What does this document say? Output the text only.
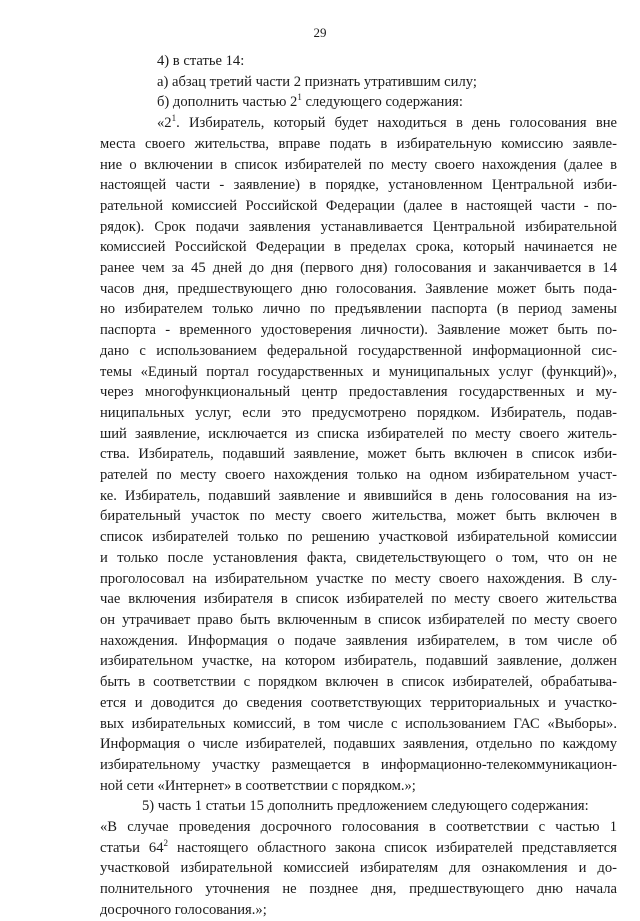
29
4) в статье 14:
а) абзац третий части 2 признать утратившим силу;
б) дополнить частью $2^1$ следующего содержания:
«$2^1$. Избиратель, который будет находиться в день голосования вне
места своего жительства, вправе подать в избирательную комиссию заявле-
ние о включении в список избирателей по месту своего нахождения (далее в
настоящей части - заявление) в порядке, установленном Центральной изби-
рательной комиссией Российской Федерации (далее в настоящей части - по-
рядок). Срок подачи заявления устанавливается Центральной избирательной
комиссией Российской Федерации в пределах срока, который начинается не
ранее чем за 45 дней до дня (первого дня) голосования и заканчивается в 14
часов дня, предшествующего дню голосования. Заявление может быть пода-
но избирателем только лично по предъявлении паспорта (в период замены
паспорта - временного удостоверения личности). Заявление может быть по-
дано с использованием федеральной государственной информационной сис-
темы «Единый портал государственных и муниципальных услуг (функций)»,
через многофункциональный центр предоставления государственных и му-
ниципальных услуг, если это предусмотрено порядком. Избиратель, подав-
ший заявление, исключается из списка избирателей по месту своего житель-
ства. Избиратель, подавший заявление, может быть включен в список изби-
рателей по месту своего нахождения только на одном избирательном участ-
ке. Избиратель, подавший заявление и явившийся в день голосования на из-
бирательный участок по месту своего жительства, может быть включен в
список избирателей только по решению участковой избирательной комиссии
и только после установления факта, свидетельствующего о том, что он не
проголосовал на избирательном участке по месту своего нахождения. В слу-
чае включения избирателя в список избирателей по месту своего жительства
он утрачивает право быть включенным в список избирателей по месту своего
нахождения. Информация о подаче заявления избирателем, в том числе об
избирательном участке, на котором избиратель, подавший заявление, должен
быть в соответствии с порядком включен в список избирателей, обрабатыва-
ется и доводится до сведения соответствующих территориальных и участко-
вых избирательных комиссий, в том числе с использованием ГАС «Выборы».
Информация о числе избирателей, подавших заявления, отдельно по каждому
избирательному участку размещается в информационно-телекоммуникацион-
ной сети «Интернет» в соответствии с порядком.»;
5) часть 1 статьи 15 дополнить предложением следующего содержания:
«В случае проведения досрочного голосования в соответствии с частью 1
статьи $64^2$ настоящего областного закона список избирателей представляется
участковой избирательной комиссией избирателям для ознакомления и до-
полнительного уточнения не позднее дня, предшествующего дню начала
досрочного голосования.»;
